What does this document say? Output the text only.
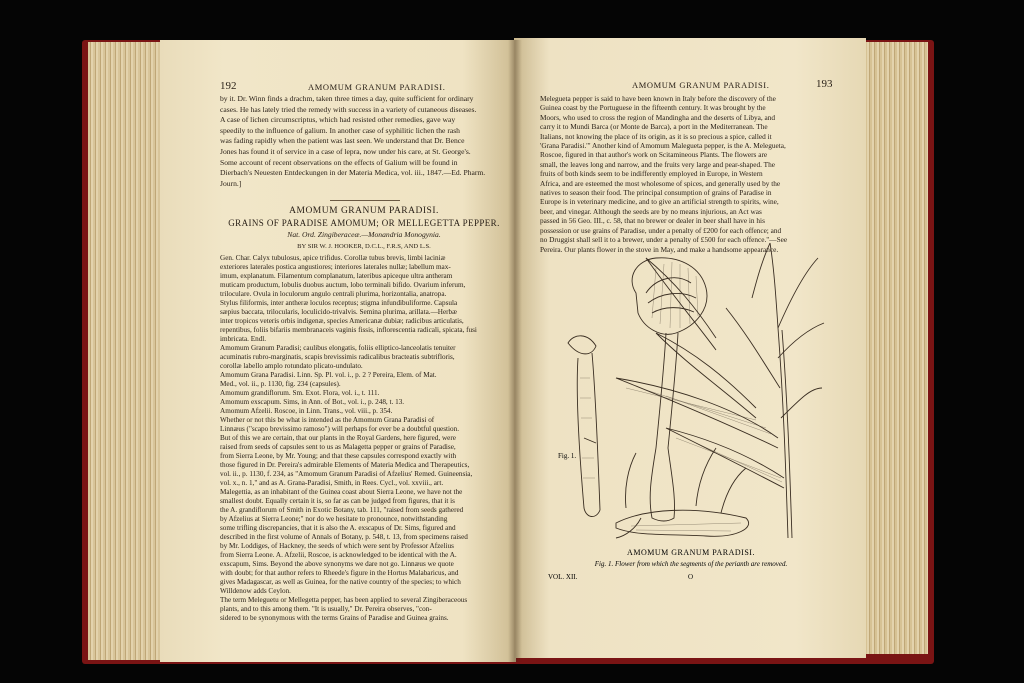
192	AMOMUM GRANUM PARADISI.

by it. Dr. Winn finds a drachm, taken three times a day, quite sufficient for ordinary

cases. He has lately tried the remedy with success in a variety of cutaneous diseases.

A case of lichen circumscriptus, which had resisted other remedies, gave way

speedily to the influence of galium. In another case of syphilitic lichen the rash

was fading rapidly when the patient was last seen. We understand that Dr. Bence

Jones has found it of service in a case of lepra, now under his care, at St. George's.

Some account of recent observations on the effects of Galium will be found in

Dierbach's Neuesten Entdeckungen in der Materia Medica, vol. iii., 1847.—Ed. Pharm.

Journ.]

AMOMUM GRANUM PARADISI.
GRAINS OF PARADISE AMOMUM; OR MELLEGETTA PEPPER.
Nat. Ord. Zingiberaceæ.—Monandria Monogynia.
BY SIR W. J. HOOKER, D.C.L., F.R.S, AND L.S.

Gen. Char. Calyx tubulosus, apice trifidus. Corollæ tubus brevis, limbi laciniæ

exteriores laterales postica angustiores; interiores laterales nullæ; labellum max-

imum, explanatum. Filamentum complanatum, lateribus apiceque ultra antheram

muticam productum, lobulis duobus auctum, lobo terminali bifido. Ovarium inferum,

triloculare. Ovula in loculorum angulo centrali plurima, horizontalia, anatropa.

Stylus filiformis, inter antheræ loculos receptus; stigma infundibuliforme. Capsula

sæpius baccata, trilocularis, loculicido-trivalvis. Semina plurima, arillata.—Herbæ

inter tropicos veteris orbis indigenæ, species Americanæ dubiæ; radicibus articulatis,

repentibus, foliis bifariis membranaceis vaginis fissis, inflorescentia radicali, spicata, fusi

imbricata. Endl.

Amomum Granum Paradisi; caulibus elongatis, foliis elliptico-lanceolatis tenuiter

acuminatis rubro-marginatis, scapis brevissimis radicalibus bracteatis subtrifloris,

corollæ labello amplo rotundato plicato-undulato.

Amomum Grana Paradisi. Linn. Sp. Pl. vol. i., p. 2 ? Pereira, Elem. of Mat.

Med., vol. ii., p. 1130, fig. 234 (capsules).

Amomum grandiflorum. Sm. Exot. Flora, vol. i., t. 111.

Amomum exscapum. Sims, in Ann. of Bot., vol. i., p. 248, t. 13.

Amomum Afzelii. Roscoe, in Linn. Trans., vol. viii., p. 354.

Whether or not this be what is intended as the Amomum Grana Paradisi of

Linnæus ("scapo brevissimo ramoso") will perhaps for ever be a doubtful question.

But of this we are certain, that our plants in the Royal Gardens, here figured, were

raised from seeds of capsules sent to us as Malagetta pepper or grains of Paradise,

from Sierra Leone, by Mr. Young; and that these capsules correspond exactly with

those figured in Dr. Pereira's admirable Elements of Materia Medica and Therapeutics,

vol. ii., p. 1130, f. 234, as "Amomum Granum Paradisi of Afzelius' Remed. Guineensia,

vol. x., n. 1," and as A. Grana-Paradisi, Smith, in Rees. Cycl., vol. xxviii., art.

Malegettia, as an inhabitant of the Guinea coast about Sierra Leone, we have not the

smallest doubt. Equally certain it is, so far as can be judged from figures, that it is

the A. grandiflorum of Smith in Exotic Botany, tab. 111, "raised from seeds gathered

by Afzelius at Sierra Leone;" nor do we hesitate to pronounce, notwithstanding

some trifling discrepancies, that it is also the A. exscapus of Dr. Sims, figured and

described in the first volume of Annals of Botany, p. 548, t. 13, from specimens raised

by Mr. Loddiges, of Hackney, the seeds of which were sent by Professor Afzelius

from Sierra Leone. A. Afzelii, Roscoe, is acknowledged to be identical with the A.

exscapum, Sims. Beyond the above synonyms we dare not go. Linnæus we quote

with doubt; for that author refers to Rheede's figure in the Hortus Malabaricus, and

gives Madagascar, as well as Guinea, for the native country of the species; to which

Willdenow adds Ceylon.

The term Meleguetu or Mellegetta pepper, has been applied to several Zingiberaceous

plants, and to this among them. "It is usually," Dr. Pereira observes, "con-

sidered to be synonymous with the terms Grains of Paradise and Guinea grains.

AMOMUM GRANUM PARADISI.	193

Melegueta pepper is said to have been known in Italy before the discovery of the

Guinea coast by the Portuguese in the fifteenth century. It was brought by the

Moors, who used to cross the region of Mandingha and the deserts of Libya, and

carry it to Mundi Barca (or Monte de Barca), a port in the Mediterranean. The

Italians, not knowing the place of its origin, as it is so precious a spice, called it

'Grana Paradisi.'" Another kind of Amomum Malegueta pepper, is the A. Melegueta,

Roscoe, figured in that author's work on Scitamineous Plants. The flowers are

small, the leaves long and narrow, and the fruits very large and pear-shaped. The

fruits of both kinds seem to be indifferently employed in Europe, in Western

Africa, and are esteemed the most wholesome of spices, and generally used by the

natives to season their food. The principal consumption of grains of Paradise in

Europe is in veterinary medicine, and to give an artificial strength to spirits, wine,

beer, and vinegar. Although the seeds are by no means injurious, an Act was

passed in 56 Geo. III., c. 58, that no brewer or dealer in beer shall have in his

possession or use grains of Paradise, under a penalty of £200 for each offence; and

no Druggist shall sell it to a brewer, under a penalty of £500 for each offence."—See

Pereira. Our plants flower in the stove in May, and make a handsome appearance.

Fig. 1.
AMOMUM GRANUM PARADISI.
Fig. 1. Flower from which the segments of the perianth are removed.
VOL. XII.	O
